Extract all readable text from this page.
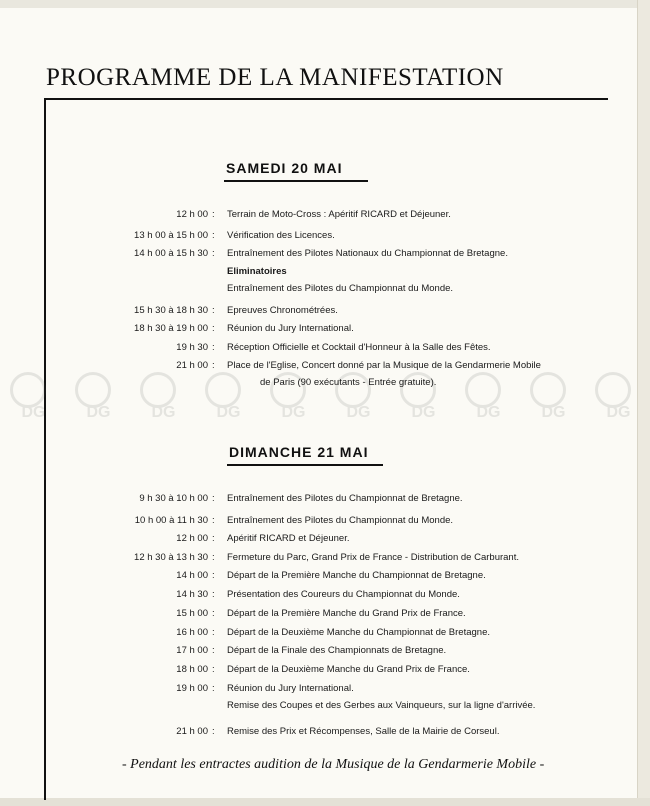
PROGRAMME DE LA MANIFESTATION
DG	DG	DG	DG	DG	DG	DG	DG	DG	DG
SAMEDI 20 MAI
12 h 00 : Terrain de Moto-Cross : Apéritif RICARD et Déjeuner.
13 h 00 à 15 h 00 : Vérification des Licences.
14 h 00 à 15 h 30 : Entraînement des Pilotes Nationaux du Championnat de Bretagne.
Eliminatoires
Entraînement des Pilotes du Championnat du Monde.
15 h 30 à 18 h 30 : Epreuves Chronométrées.
18 h 30 à 19 h 00 : Réunion du Jury International.
19 h 30 : Réception Officielle et Cocktail d'Honneur à la Salle des Fêtes.
21 h 00 : Place de l'Eglise, Concert donné par la Musique de la Gendarmerie Mobile
de Paris (90 exécutants - Entrée gratuite).
DIMANCHE 21 MAI
9 h 30 à 10 h 00 : Entraînement des Pilotes du Championnat de Bretagne.
10 h 00 à 11 h 30 : Entraînement des Pilotes du Championnat du Monde.
12 h 00 : Apéritif RICARD et Déjeuner.
12 h 30 à 13 h 30 : Fermeture du Parc, Grand Prix de France - Distribution de Carburant.
14 h 00 : Départ de la Première Manche du Championnat de Bretagne.
14 h 30 : Présentation des Coureurs du Championnat du Monde.
15 h 00 : Départ de la Première Manche du Grand Prix de France.
16 h 00 : Départ de la Deuxième Manche du Championnat de Bretagne.
17 h 00 : Départ de la Finale des Championnats de Bretagne.
18 h 00 : Départ de la Deuxième Manche du Grand Prix de France.
19 h 00 : Réunion du Jury International.
Remise des Coupes et des Gerbes aux Vainqueurs, sur la ligne d'arrivée.
21 h 00 : Remise des Prix et Récompenses, Salle de la Mairie de Corseul.

- Pendant les entractes audition de la Musique de la Gendarmerie Mobile -
